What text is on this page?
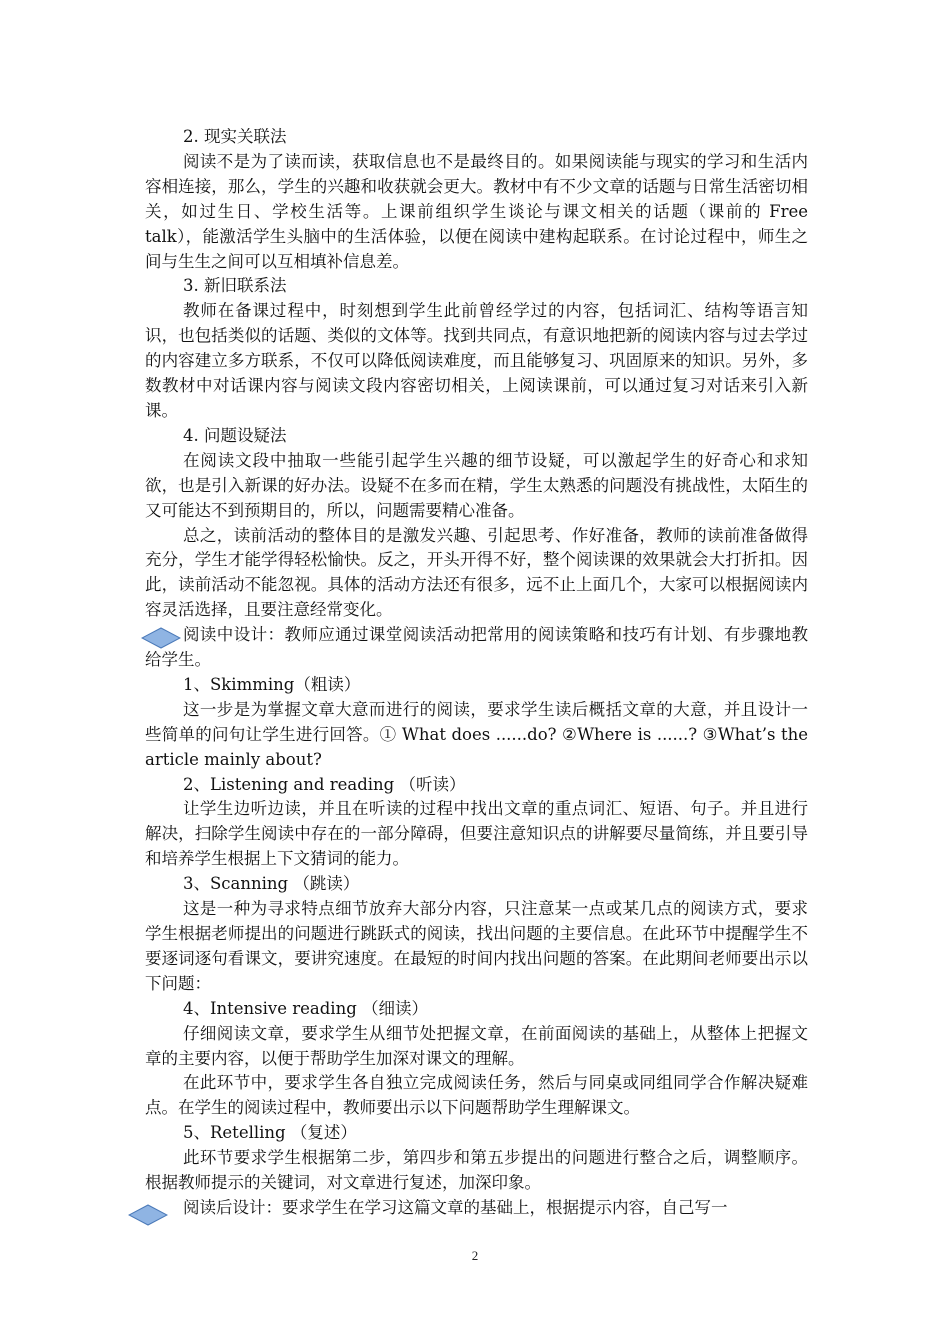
2. 现实关联法

阅读不是为了读而读，获取信息也不是最终目的。如果阅读能与现实的学习和生活内容相连接，那么，学生的兴趣和收获就会更大。教材中有不少文章的话题与日常生活密切相关，如过生日、学校生活等。上课前组织学生谈论与课文相关的话题（课前的 Free talk），能激活学生头脑中的生活体验，以便在阅读中建构起联系。在讨论过程中，师生之间与生生之间可以互相填补信息差。

3. 新旧联系法

教师在备课过程中，时刻想到学生此前曾经学过的内容，包括词汇、结构等语言知识，也包括类似的话题、类似的文体等。找到共同点，有意识地把新的阅读内容与过去学过的内容建立多方联系，不仅可以降低阅读难度，而且能够复习、巩固原来的知识。另外，多数教材中对话课内容与阅读文段内容密切相关，上阅读课前，可以通过复习对话来引入新课。

4. 问题设疑法

在阅读文段中抽取一些能引起学生兴趣的细节设疑，可以激起学生的好奇心和求知欲，也是引入新课的好办法。设疑不在多而在精，学生太熟悉的问题没有挑战性，太陌生的又可能达不到预期目的，所以，问题需要精心准备。

总之，读前活动的整体目的是激发兴趣、引起思考、作好准备，教师的读前准备做得充分，学生才能学得轻松愉快。反之，开头开得不好，整个阅读课的效果就会大打折扣。因此，读前活动不能忽视。具体的活动方法还有很多，远不止上面几个，大家可以根据阅读内容灵活选择，且要注意经常变化。

阅读中设计：教师应通过课堂阅读活动把常用的阅读策略和技巧有计划、有步骤地教给学生。

1、Skimming（粗读）

这一步是为掌握文章大意而进行的阅读，要求学生读后概括文章的大意，并且设计一些简单的问句让学生进行回答。① What does ......do? ②Where is ......? ③What’s the article mainly about?

2、Listening and reading （听读）

让学生边听边读，并且在听读的过程中找出文章的重点词汇、短语、句子。并且进行解决，扫除学生阅读中存在的一部分障碍，但要注意知识点的讲解要尽量简练，并且要引导和培养学生根据上下文猜词的能力。

3、Scanning （跳读）

这是一种为寻求特点细节放弃大部分内容，只注意某一点或某几点的阅读方式，要求学生根据老师提出的问题进行跳跃式的阅读，找出问题的主要信息。在此环节中提醒学生不要逐词逐句看课文，要讲究速度。在最短的时间内找出问题的答案。在此期间老师要出示以下问题：

4、Intensive reading （细读）

仔细阅读文章，要求学生从细节处把握文章，在前面阅读的基础上，从整体上把握文章的主要内容，以便于帮助学生加深对课文的理解。

在此环节中，要求学生各自独立完成阅读任务，然后与同桌或同组同学合作解决疑难点。在学生的阅读过程中，教师要出示以下问题帮助学生理解课文。

5、Retelling （复述）

此环节要求学生根据第二步，第四步和第五步提出的问题进行整合之后，调整顺序。根据教师提示的关键词，对文章进行复述，加深印象。

阅读后设计：要求学生在学习这篇文章的基础上，根据提示内容，自己写一

2
